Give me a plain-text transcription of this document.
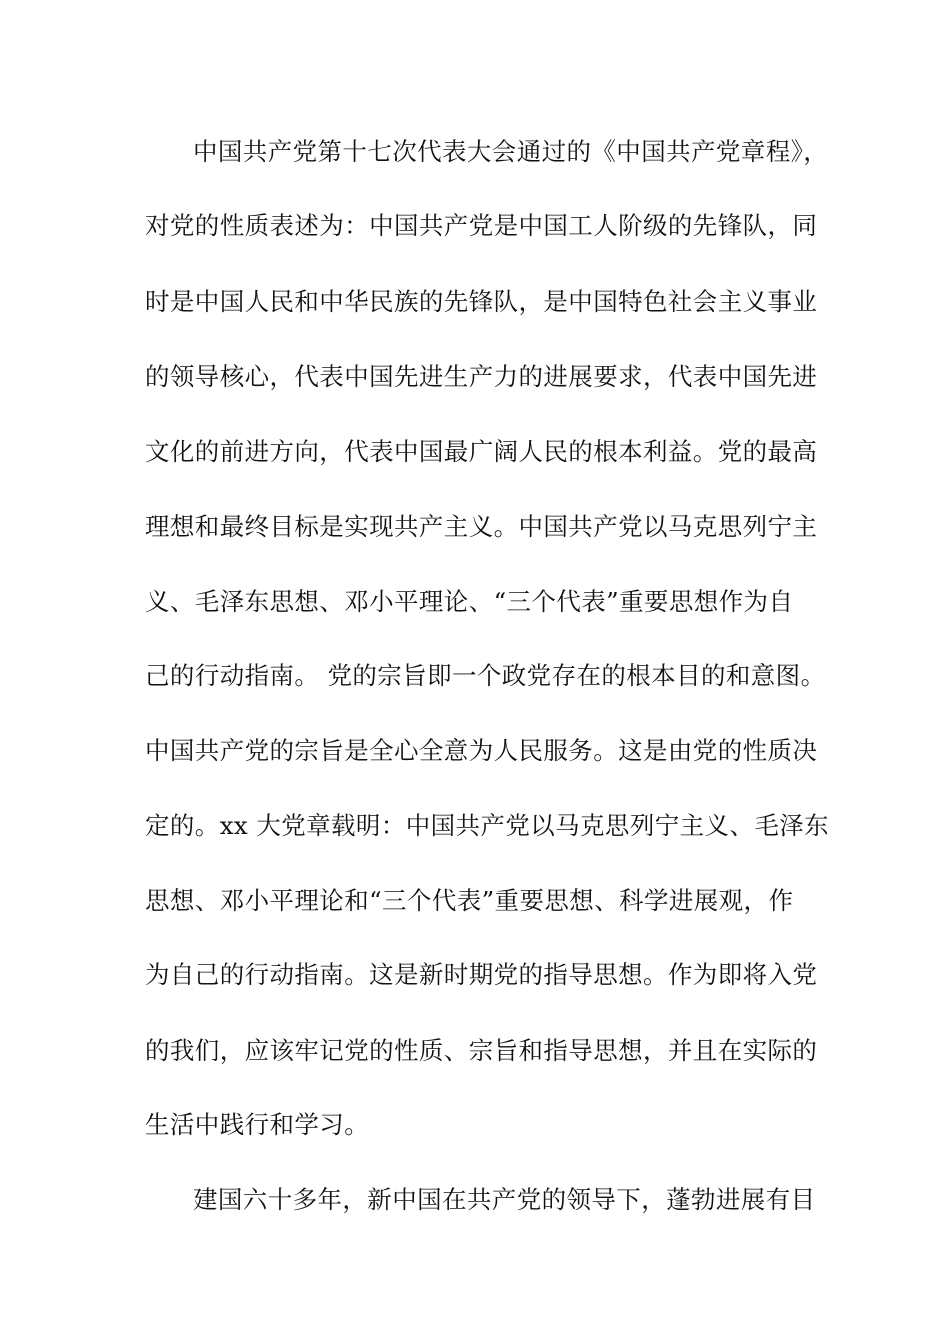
中国共产党第十七次代表大会通过的《中国共产党章程》，
对党的性质表述为：中国共产党是中国工人阶级的先锋队，同
时是中国人民和中华民族的先锋队，是中国特色社会主义事业
的领导核心，代表中国先进生产力的进展要求，代表中国先进
文化的前进方向，代表中国最广阔人民的根本利益。党的最高
理想和最终目标是实现共产主义。中国共产党以马克思列宁主
义、毛泽东思想、邓小平理论、“三个代表”重要思想作为自
己的行动指南。 党的宗旨即一个政党存在的根本目的和意图。
中国共产党的宗旨是全心全意为人民服务。这是由党的性质决
定的。xx 大党章载明：中国共产党以马克思列宁主义、毛泽东
思想、邓小平理论和“三个代表”重要思想、科学进展观，作
为自己的行动指南。这是新时期党的指导思想。作为即将入党
的我们，应该牢记党的性质、宗旨和指导思想，并且在实际的
生活中践行和学习。
建国六十多年，新中国在共产党的领导下，蓬勃进展有目
